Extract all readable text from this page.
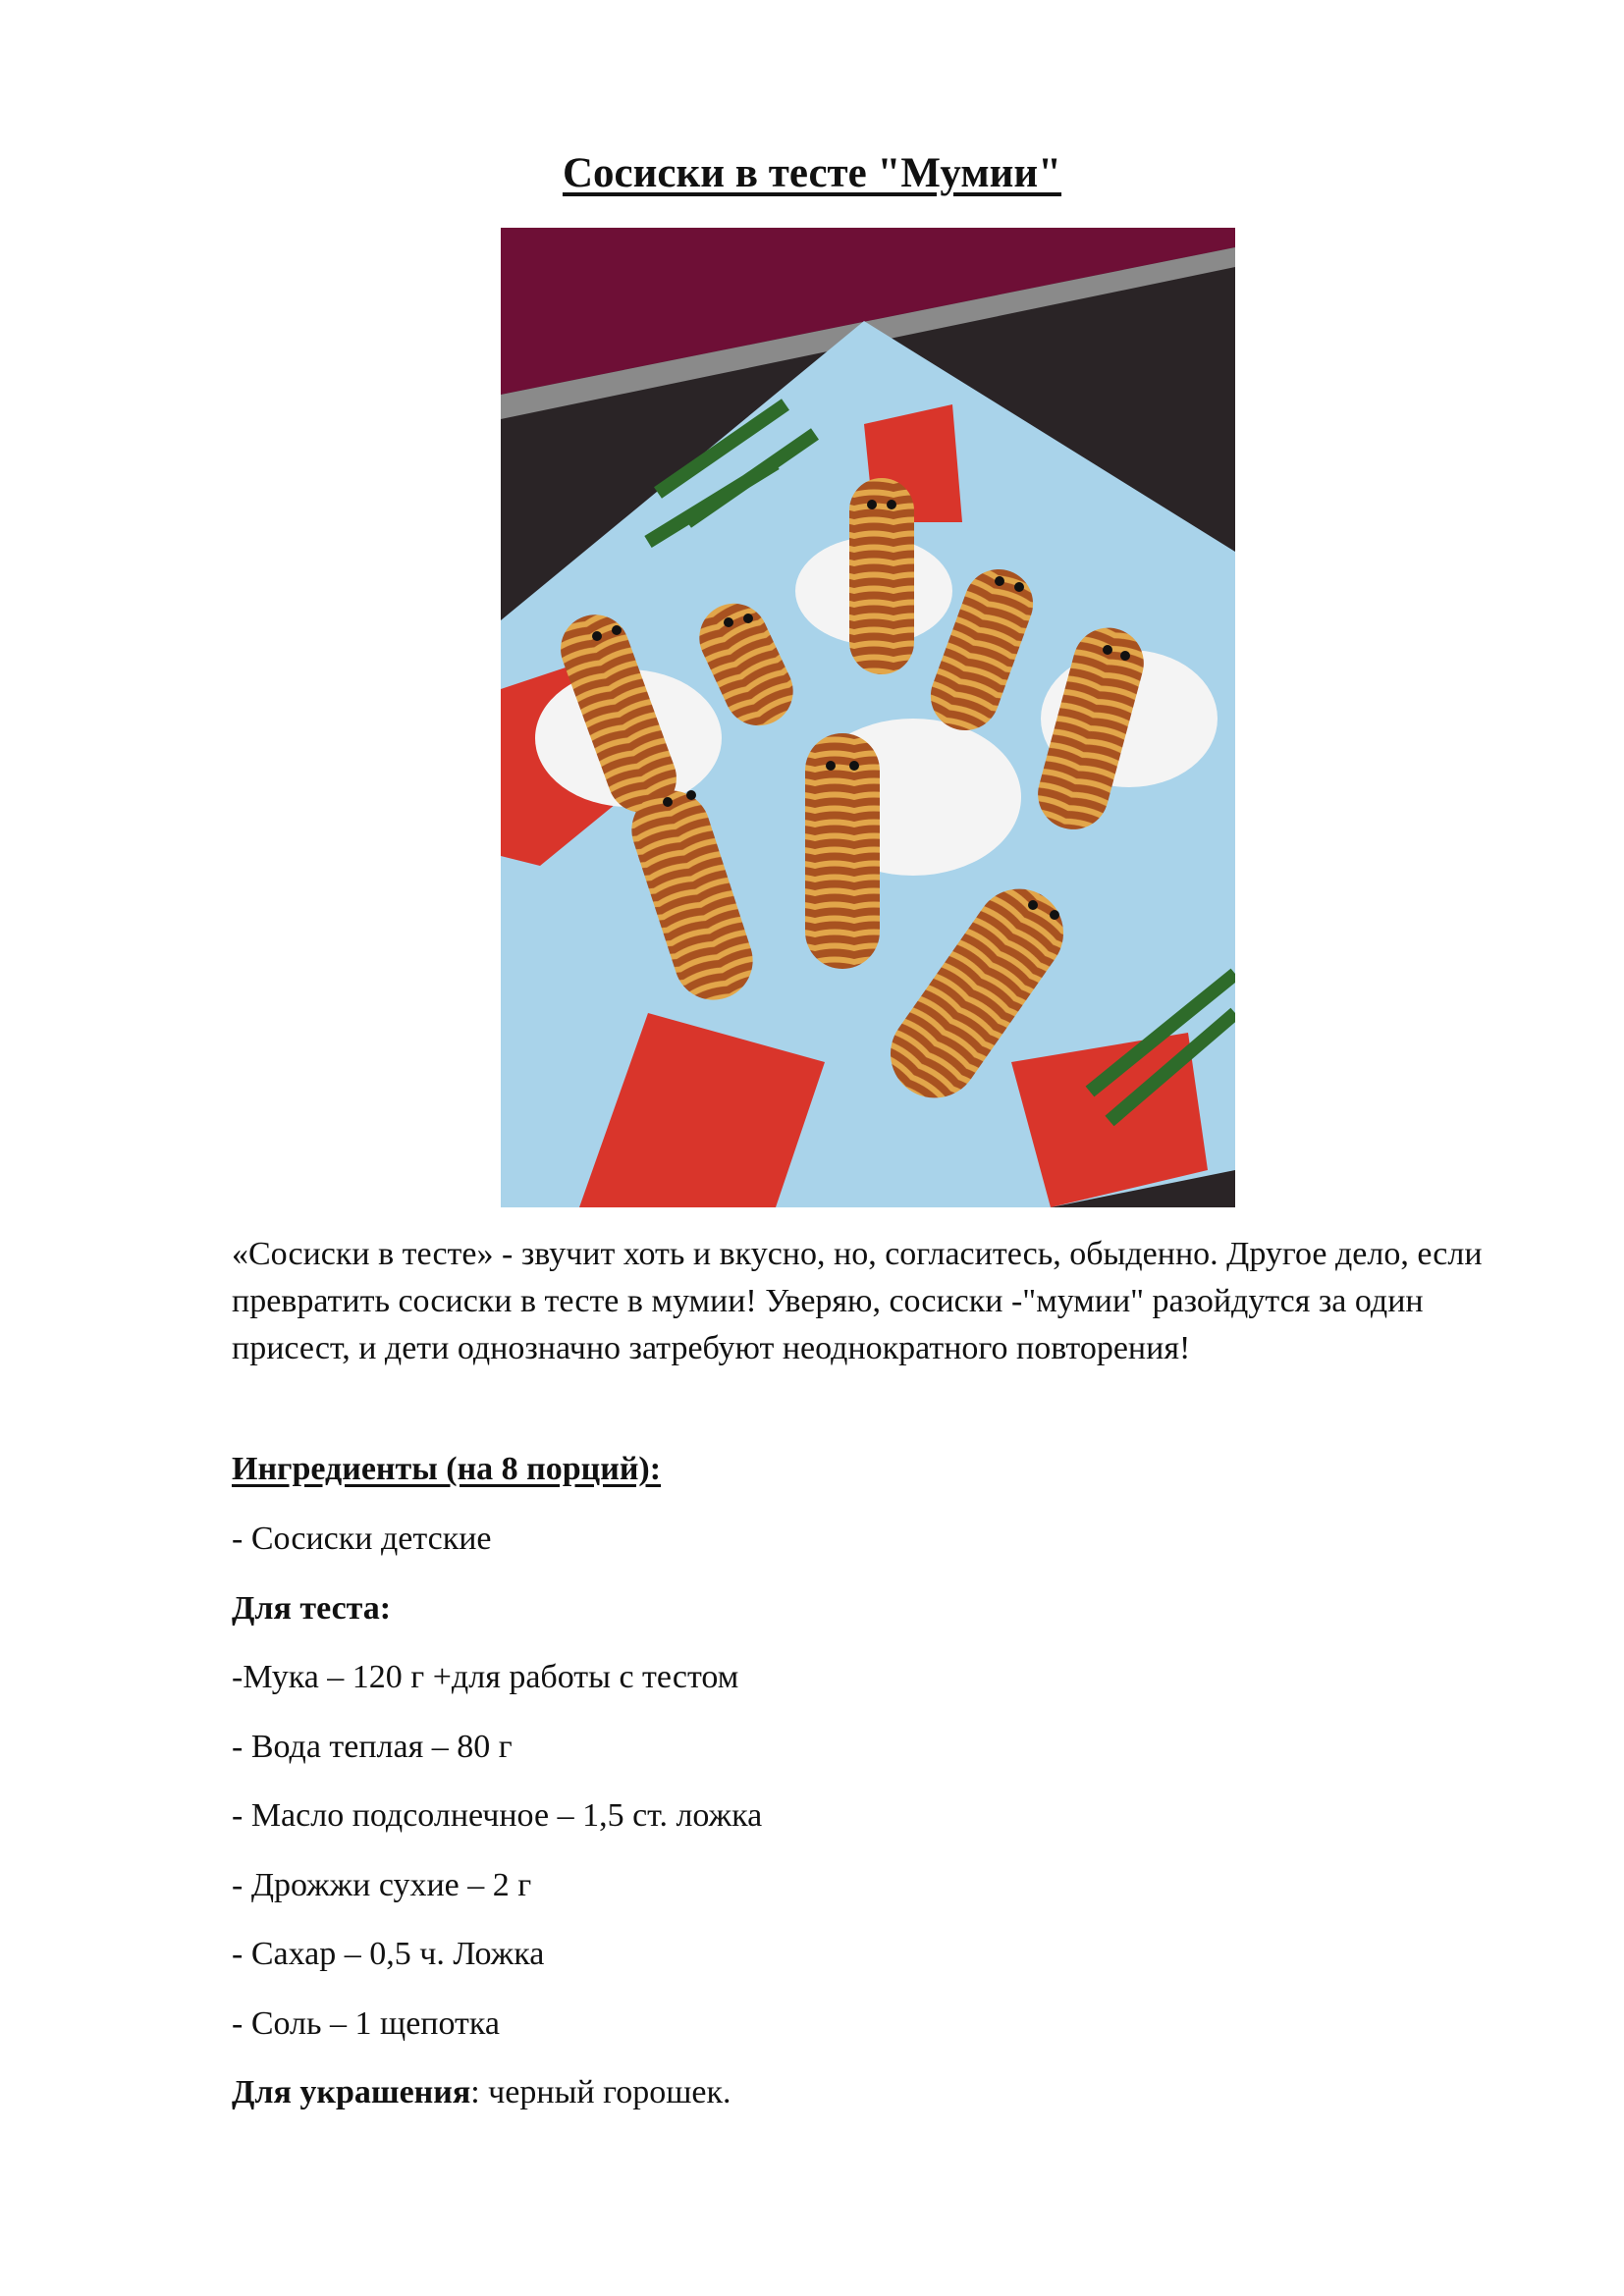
Сосиски в тесте "Мумии"

«Сосиски в тесте» - звучит хоть и вкусно, но, согласитесь, обыденно. Другое дело, если превратить сосиски в тесте в мумии! Уверяю, сосиски -"мумии" разойдутся за один присест, и дети однозначно затребуют неоднократного повторения!

Ингредиенты (на 8 порций):

- Сосиски детские

Для теста:

-Мука – 120 г +для работы с тестом

- Вода теплая – 80 г

- Масло подсолнечное – 1,5 ст. ложка

- Дрожжи сухие – 2 г

- Сахар – 0,5 ч. Ложка

- Соль – 1 щепотка

Для украшения: черный горошек.
